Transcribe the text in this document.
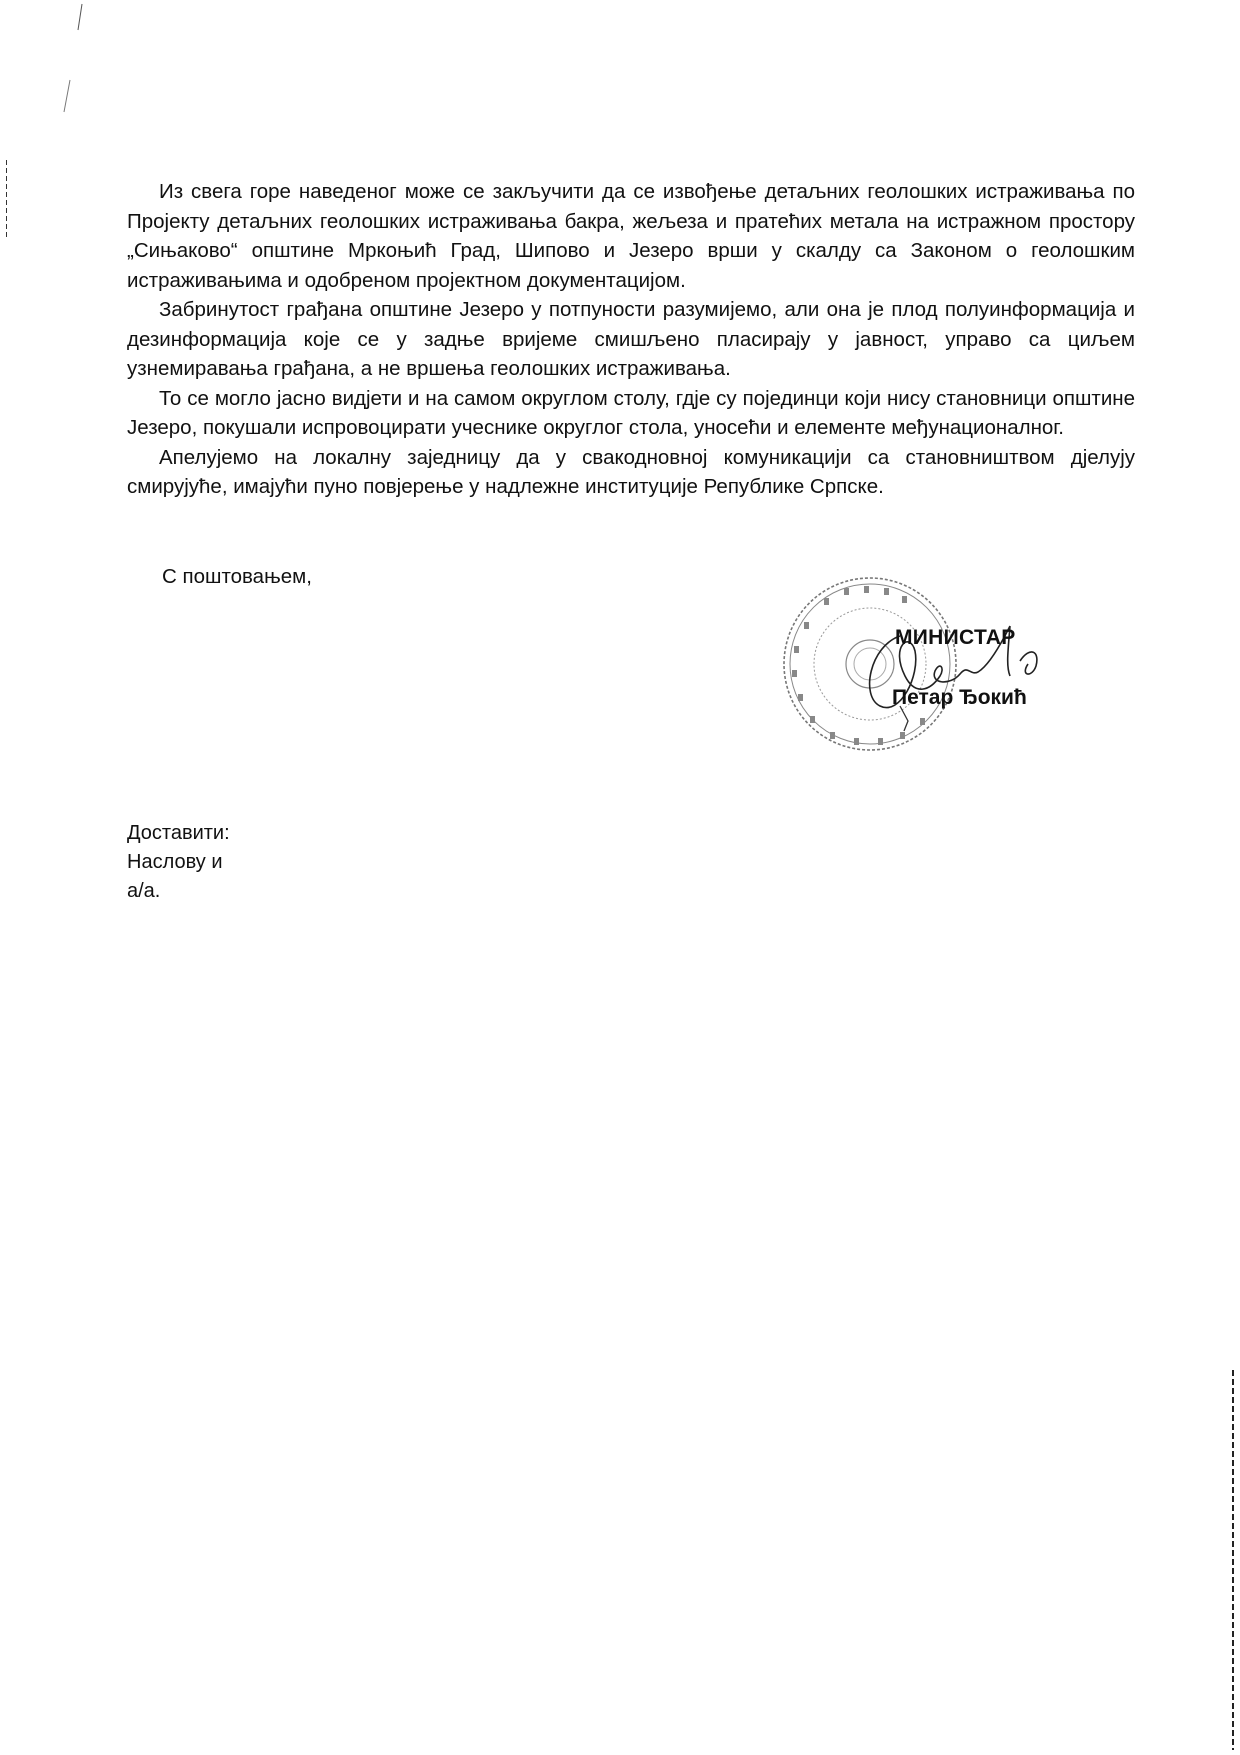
Из свега горе наведеног може се закључити да се извођење детаљних геолошких истраживања по Пројекту детаљних геолошких истраживања бакра, жељеза и пратећих метала на истражном простору „Сињаково“ општине Мркоњић Град, Шипово и Језеро врши у скалду са Законом о геолошким истраживањима и одобреном пројектном документацијом.

Забринутост грађана општине Језеро у потпуности разумијемо, али она је плод полуинформација и дезинформација које се у задње вријеме смишљено пласирају у јавност, управо са циљем узнемиравања грађана, а не вршења геолошких истраживања.

То се могло јасно видјети и на самом округлом столу, гдје су појединци који нису становници општине Језеро, покушали испровоцирати учеснике округлог стола, уносећи и елементе међунационалног.

Апелујемо на локалну заједницу да у свакодновној комуникацији са становништвом дјелују смирујуће, имајући пуно повјерење у надлежне институције Републике Српске.

С поштовањем,
МИНИСТАР
Петар Ђокић
Доставити:
Наслову и
а/а.
